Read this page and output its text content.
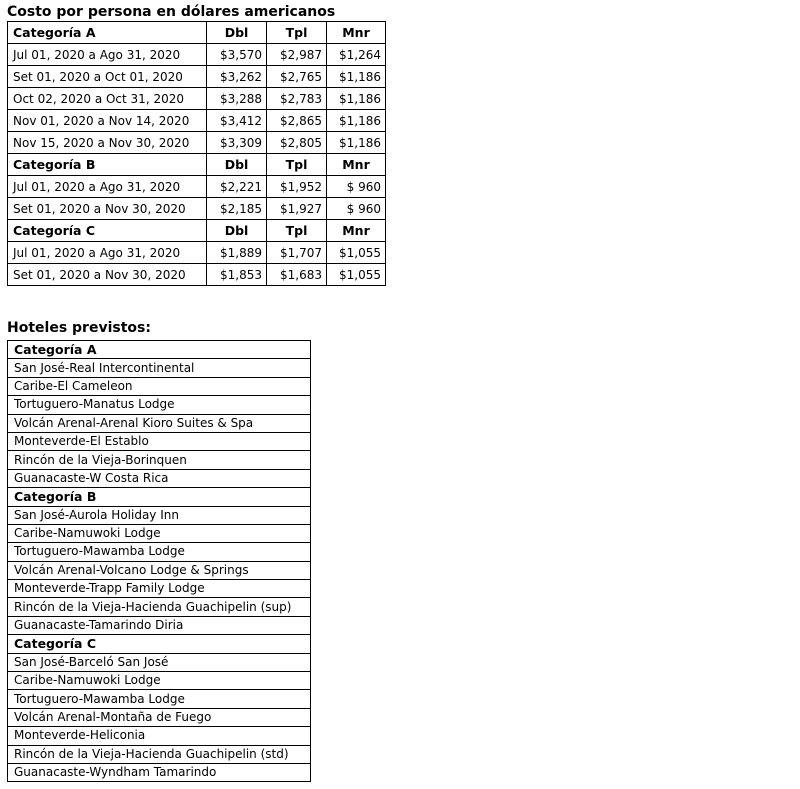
Costo por persona en dólares americanos
Categoría A	Dbl	Tpl	Mnr
Jul 01, 2020 a Ago 31, 2020	$3,570	$2,987	$1,264
Set 01, 2020 a Oct 01, 2020	$3,262	$2,765	$1,186
Oct 02, 2020 a Oct 31, 2020	$3,288	$2,783	$1,186
Nov 01, 2020 a Nov 14, 2020	$3,412	$2,865	$1,186
Nov 15, 2020 a Nov 30, 2020	$3,309	$2,805	$1,186
Categoría B	Dbl	Tpl	Mnr
Jul 01, 2020 a Ago 31, 2020	$2,221	$1,952	$ 960
Set 01, 2020 a Nov 30, 2020	$2,185	$1,927	$ 960
Categoría C	Dbl	Tpl	Mnr
Jul 01, 2020 a Ago 31, 2020	$1,889	$1,707	$1,055
Set 01, 2020 a Nov 30, 2020	$1,853	$1,683	$1,055
Hoteles previstos:
Categoría A
San José-Real Intercontinental
Caribe-El Cameleon
Tortuguero-Manatus Lodge
Volcán Arenal-Arenal Kioro Suites & Spa
Monteverde-El Establo
Rincón de la Vieja-Borinquen
Guanacaste-W Costa Rica
Categoría B
San José-Aurola Holiday Inn
Caribe-Namuwoki Lodge
Tortuguero-Mawamba Lodge
Volcán Arenal-Volcano Lodge & Springs
Monteverde-Trapp Family Lodge
Rincón de la Vieja-Hacienda Guachipelin (sup)
Guanacaste-Tamarindo Diria
Categoría C
San José-Barceló San José
Caribe-Namuwoki Lodge
Tortuguero-Mawamba Lodge
Volcán Arenal-Montaña de Fuego
Monteverde-Heliconia
Rincón de la Vieja-Hacienda Guachipelin (std)
Guanacaste-Wyndham Tamarindo
